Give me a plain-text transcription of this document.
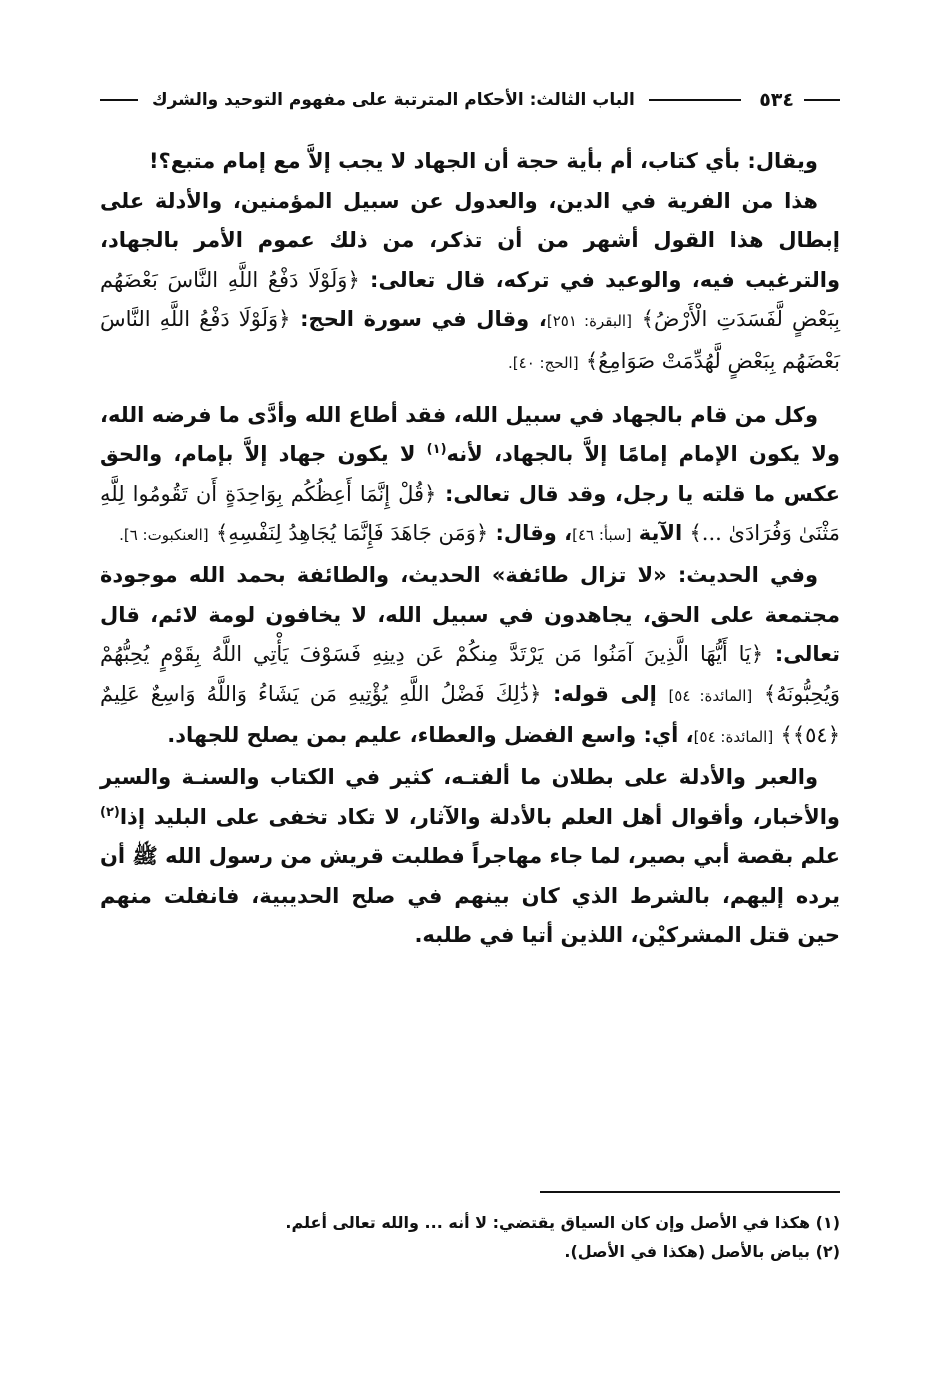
٥٣٤
الباب الثالث: الأحكام المترتبة على مفهوم التوحيد والشرك

ويقال: بأي كتاب، أم بأية حجة أن الجهاد لا يجب إلاَّ مع إمام متبع؟!

هذا من الفرية في الدين، والعدول عن سبيل المؤمنين، والأدلة على إبطال هذا القول أشهر من أن تذكر، من ذلك عموم الأمر بالجهاد، والترغيب فيه، والوعيد في تركه، قال تعالى: ﴿وَلَوْلَا دَفْعُ اللَّهِ النَّاسَ بَعْضَهُم بِبَعْضٍ لَّفَسَدَتِ الْأَرْضُ﴾ [البقرة: ٢٥١]، وقال في سورة الحج: ﴿وَلَوْلَا دَفْعُ اللَّهِ النَّاسَ بَعْضَهُم بِبَعْضٍ لَّهُدِّمَتْ صَوَامِعُ﴾ [الحج: ٤٠].

وكل من قام بالجهاد في سبيل الله، فقد أطاع الله وأدَّى ما فرضه الله، ولا يكون الإمام إمامًا إلاَّ بالجهاد، لأنه$^{(١)}$ لا يكون جهاد إلاَّ بإمام، والحق عكس ما قلته يا رجل، وقد قال تعالى: ﴿قُلْ إِنَّمَا أَعِظُكُم بِوَاحِدَةٍ أَن تَقُومُوا لِلَّهِ مَثْنَىٰ وَفُرَادَىٰ ...﴾ الآية [سبأ: ٤٦]، وقال: ﴿وَمَن جَاهَدَ فَإِنَّمَا يُجَاهِدُ لِنَفْسِهِ﴾ [العنكبوت: ٦].

وفي الحديث: «لا تزال طائفة» الحديث، والطائفة بحمد الله موجودة مجتمعة على الحق، يجاهدون في سبيل الله، لا يخافون لومة لائم، قال تعالى: ﴿يَا أَيُّهَا الَّذِينَ آمَنُوا مَن يَرْتَدَّ مِنكُمْ عَن دِينِهِ فَسَوْفَ يَأْتِي اللَّهُ بِقَوْمٍ يُحِبُّهُمْ وَيُحِبُّونَهُ﴾ [المائدة: ٥٤] إلى قوله: ﴿ذَٰلِكَ فَضْلُ اللَّهِ يُؤْتِيهِ مَن يَشَاءُ وَاللَّهُ وَاسِعٌ عَلِيمٌ ﴿٥٤﴾﴾ [المائدة: ٥٤]، أي: واسع الفضل والعطاء، عليم بمن يصلح للجهاد.

والعبر والأدلة على بطلان ما ألفتـه، كثير في الكتاب والسنـة والسير والأخبار، وأقوال أهل العلم بالأدلة والآثار، لا تكاد تخفى على البليد إذا$^{(٢)}$ علم بقصة أبي بصير، لما جاء مهاجراً فطلبت قريش من رسول الله ﷺ أن يرده إليهم، بالشرط الذي كان بينهم في صلح الحديبية، فانفلت منهم حين قتل المشركيْن، اللذين أتيا في طلبه.

(١) هكذا في الأصل وإن كان السياق يقتضي: لا أنه ... والله تعالى أعلم.

(٢) بياض بالأصل (هكذا في الأصل).
